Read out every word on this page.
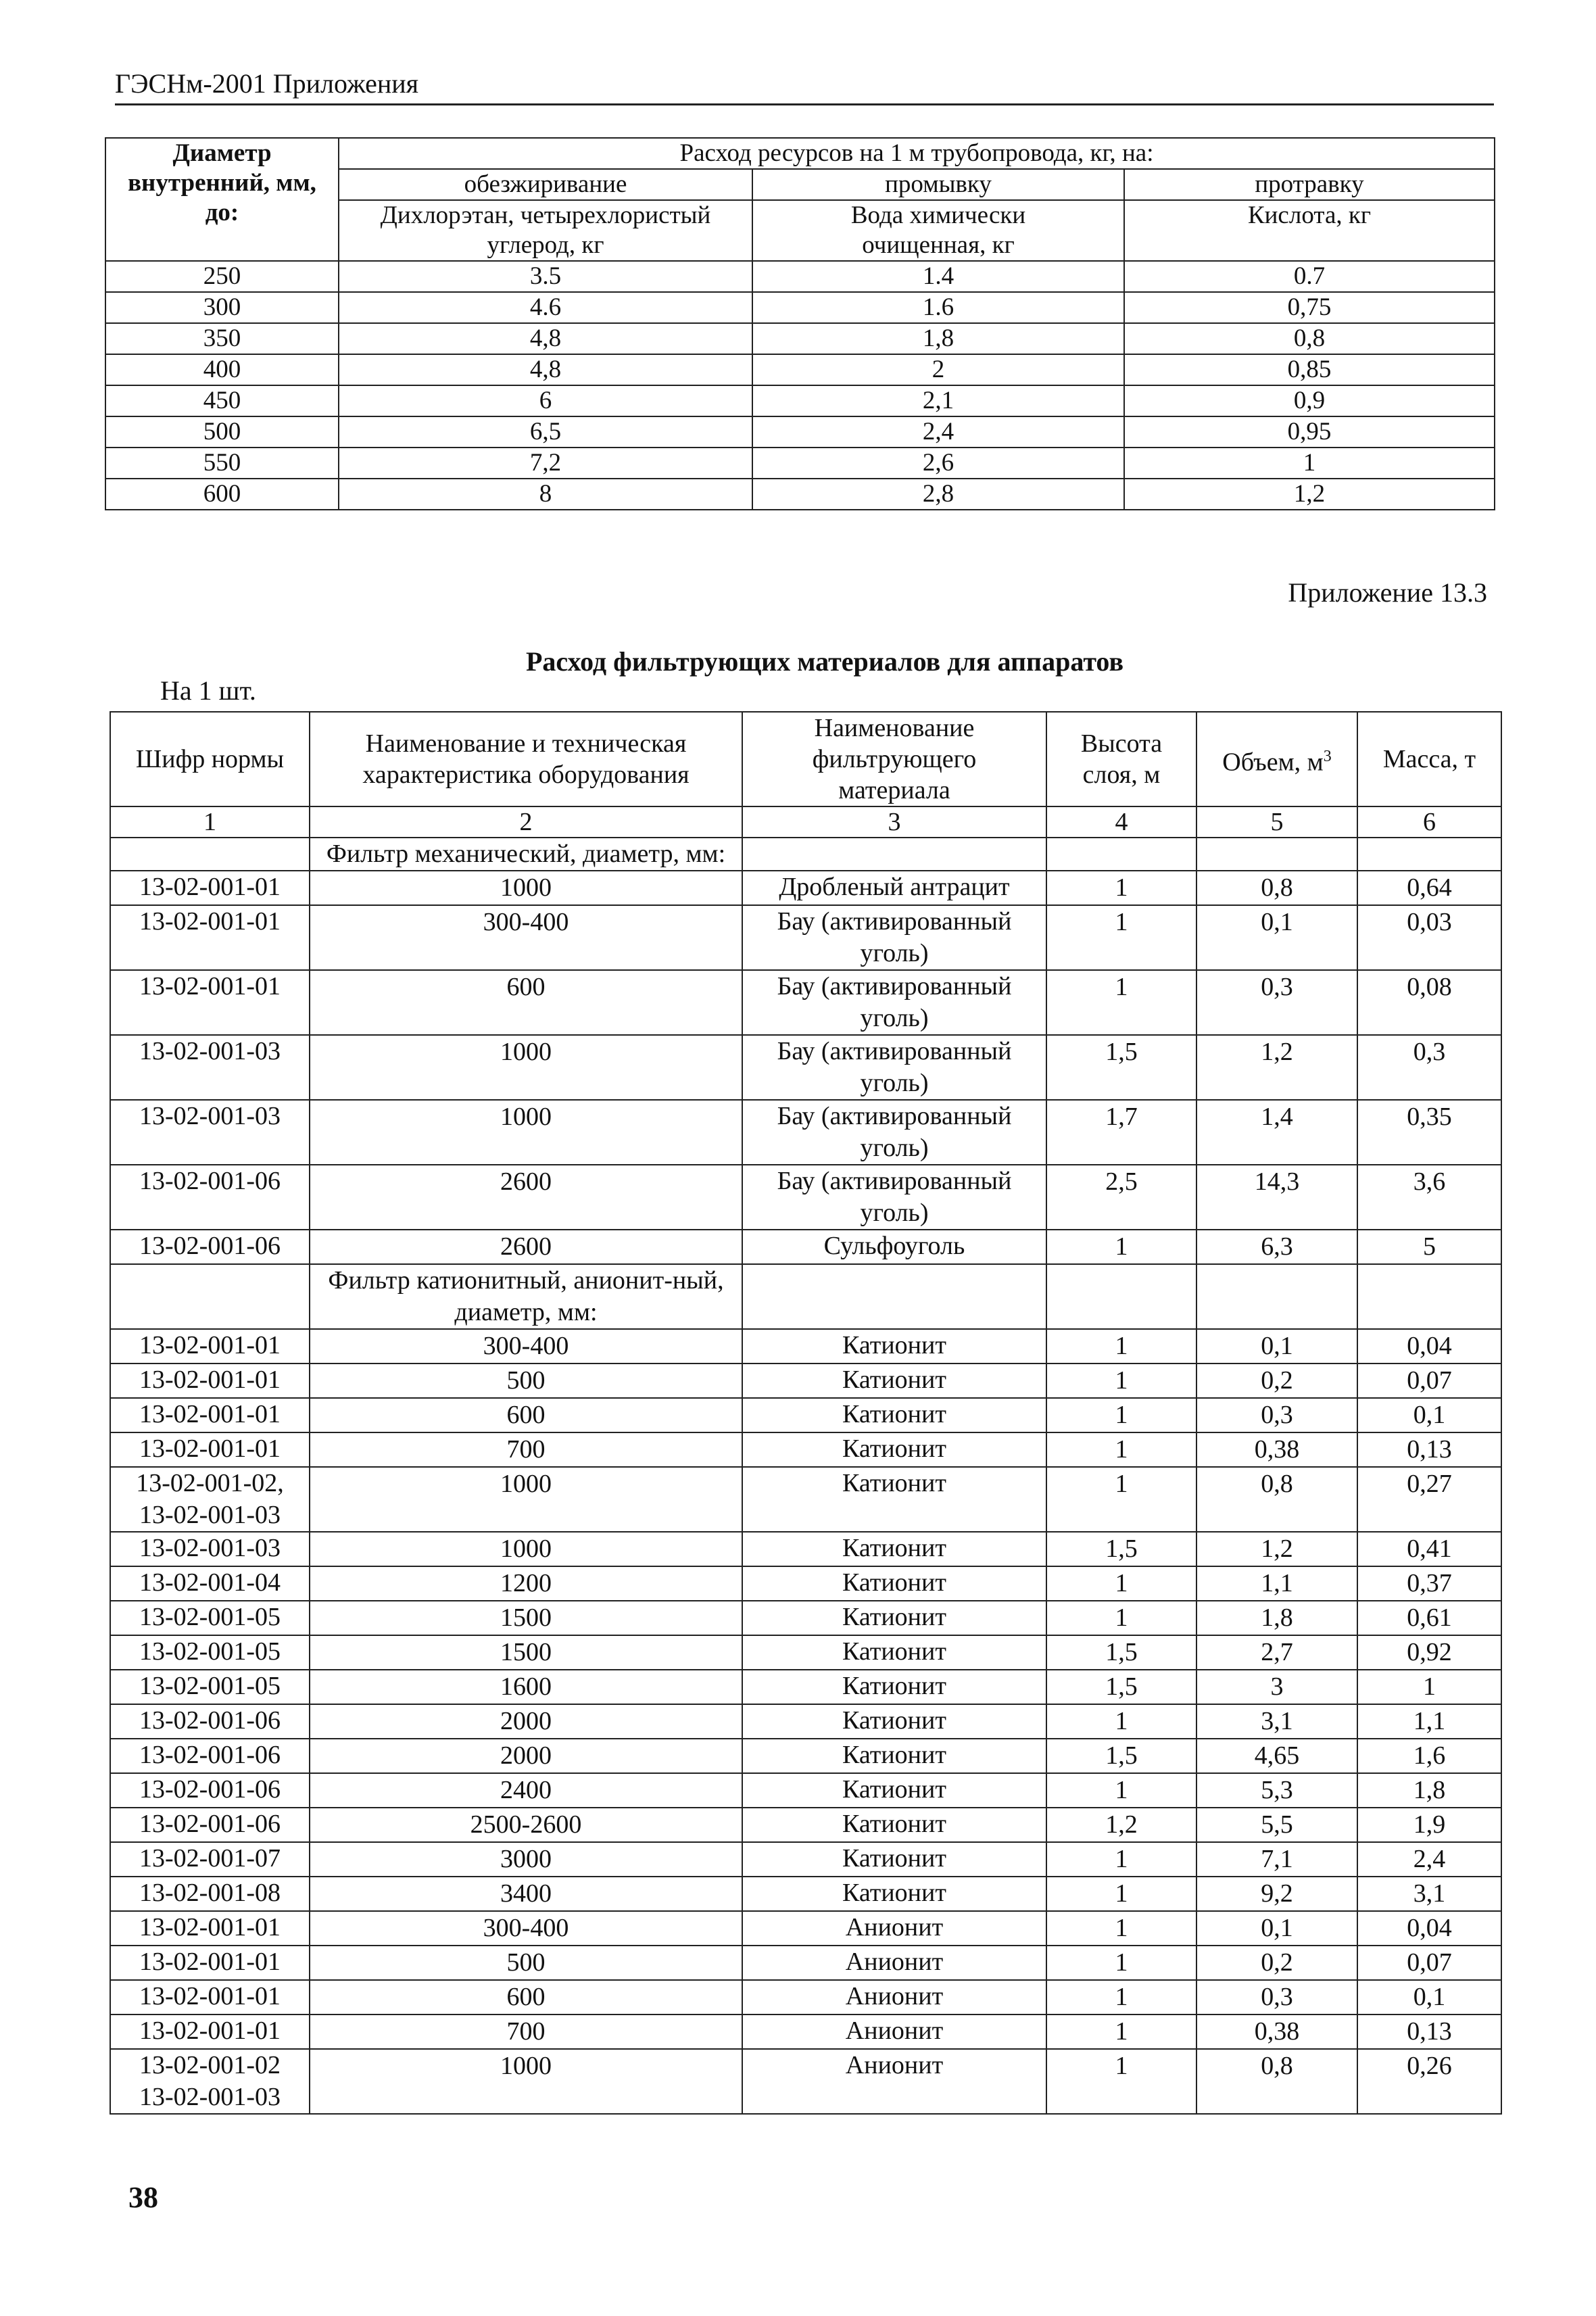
ГЭСНм-2001 Приложения
Диаметр внутренний, мм, до:	Расход ресурсов на 1 м трубопровода, кг, на:		
	обезжиривание	промывку	протравку
	Дихлорэтан, четырехлористый углерод, кг	Вода химически очищенная, кг	Кислота, кг
250	3.5	1.4	0.7
300	4.6	1.6	0,75
350	4,8	1,8	0,8
400	4,8	2	0,85
450	6	2,1	0,9
500	6,5	2,4	0,95
550	7,2	2,6	1
600	8	2,8	1,2
Приложение 13.3
Расход фильтрующих материалов для аппаратов
На 1 шт.
Шифр нормы	Наименование и техническая характеристика оборудования	Наименование фильтрующего материала	Высота слоя, м	Объем, $м^3$	Масса, т
1	2	3	4	5	6
	Фильтр механический, диаметр, мм:				
13-02-001-01	1000	Дробленый антрацит	1	0,8	0,64
13-02-001-01	300-400	Бау (активированный уголь)	1	0,1	0,03
13-02-001-01	600	Бау (активированный уголь)	1	0,3	0,08
13-02-001-03	1000	Бау (активированный уголь)	1,5	1,2	0,3
13-02-001-03	1000	Бау (активированный уголь)	1,7	1,4	0,35
13-02-001-06	2600	Бау (активированный уголь)	2,5	14,3	3,6
13-02-001-06	2600	Сульфоуголь	1	6,3	5
	Фильтр катионитный, анионит-ный, диаметр, мм:				
13-02-001-01	300-400	Катионит	1	0,1	0,04
13-02-001-01	500	Катионит	1	0,2	0,07
13-02-001-01	600	Катионит	1	0,3	0,1
13-02-001-01	700	Катионит	1	0,38	0,13
13-02-001-02, 13-02-001-03	1000	Катионит	1	0,8	0,27
13-02-001-03	1000	Катионит	1,5	1,2	0,41
13-02-001-04	1200	Катионит	1	1,1	0,37
13-02-001-05	1500	Катионит	1	1,8	0,61
13-02-001-05	1500	Катионит	1,5	2,7	0,92
13-02-001-05	1600	Катионит	1,5	3	1
13-02-001-06	2000	Катионит	1	3,1	1,1
13-02-001-06	2000	Катионит	1,5	4,65	1,6
13-02-001-06	2400	Катионит	1	5,3	1,8
13-02-001-06	2500-2600	Катионит	1,2	5,5	1,9
13-02-001-07	3000	Катионит	1	7,1	2,4
13-02-001-08	3400	Катионит	1	9,2	3,1
13-02-001-01	300-400	Анионит	1	0,1	0,04
13-02-001-01	500	Анионит	1	0,2	0,07
13-02-001-01	600	Анионит	1	0,3	0,1
13-02-001-01	700	Анионит	1	0,38	0,13
13-02-001-02 13-02-001-03	1000	Анионит	1	0,8	0,26
38
